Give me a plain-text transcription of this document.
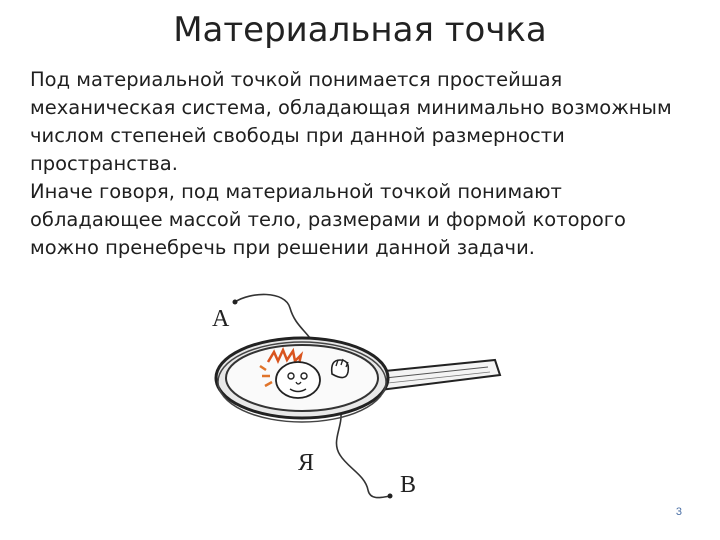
Материальная точка

Под материальной точкой понимается простейшая механическая система, обладающая минимально возможным числом степеней свободы при данной размерности пространства.

Иначе говоря, под материальной точкой понимают обладающее массой тело, размерами и формой которого можно пренебречь при решении данной задачи.

A
Я
B
3
